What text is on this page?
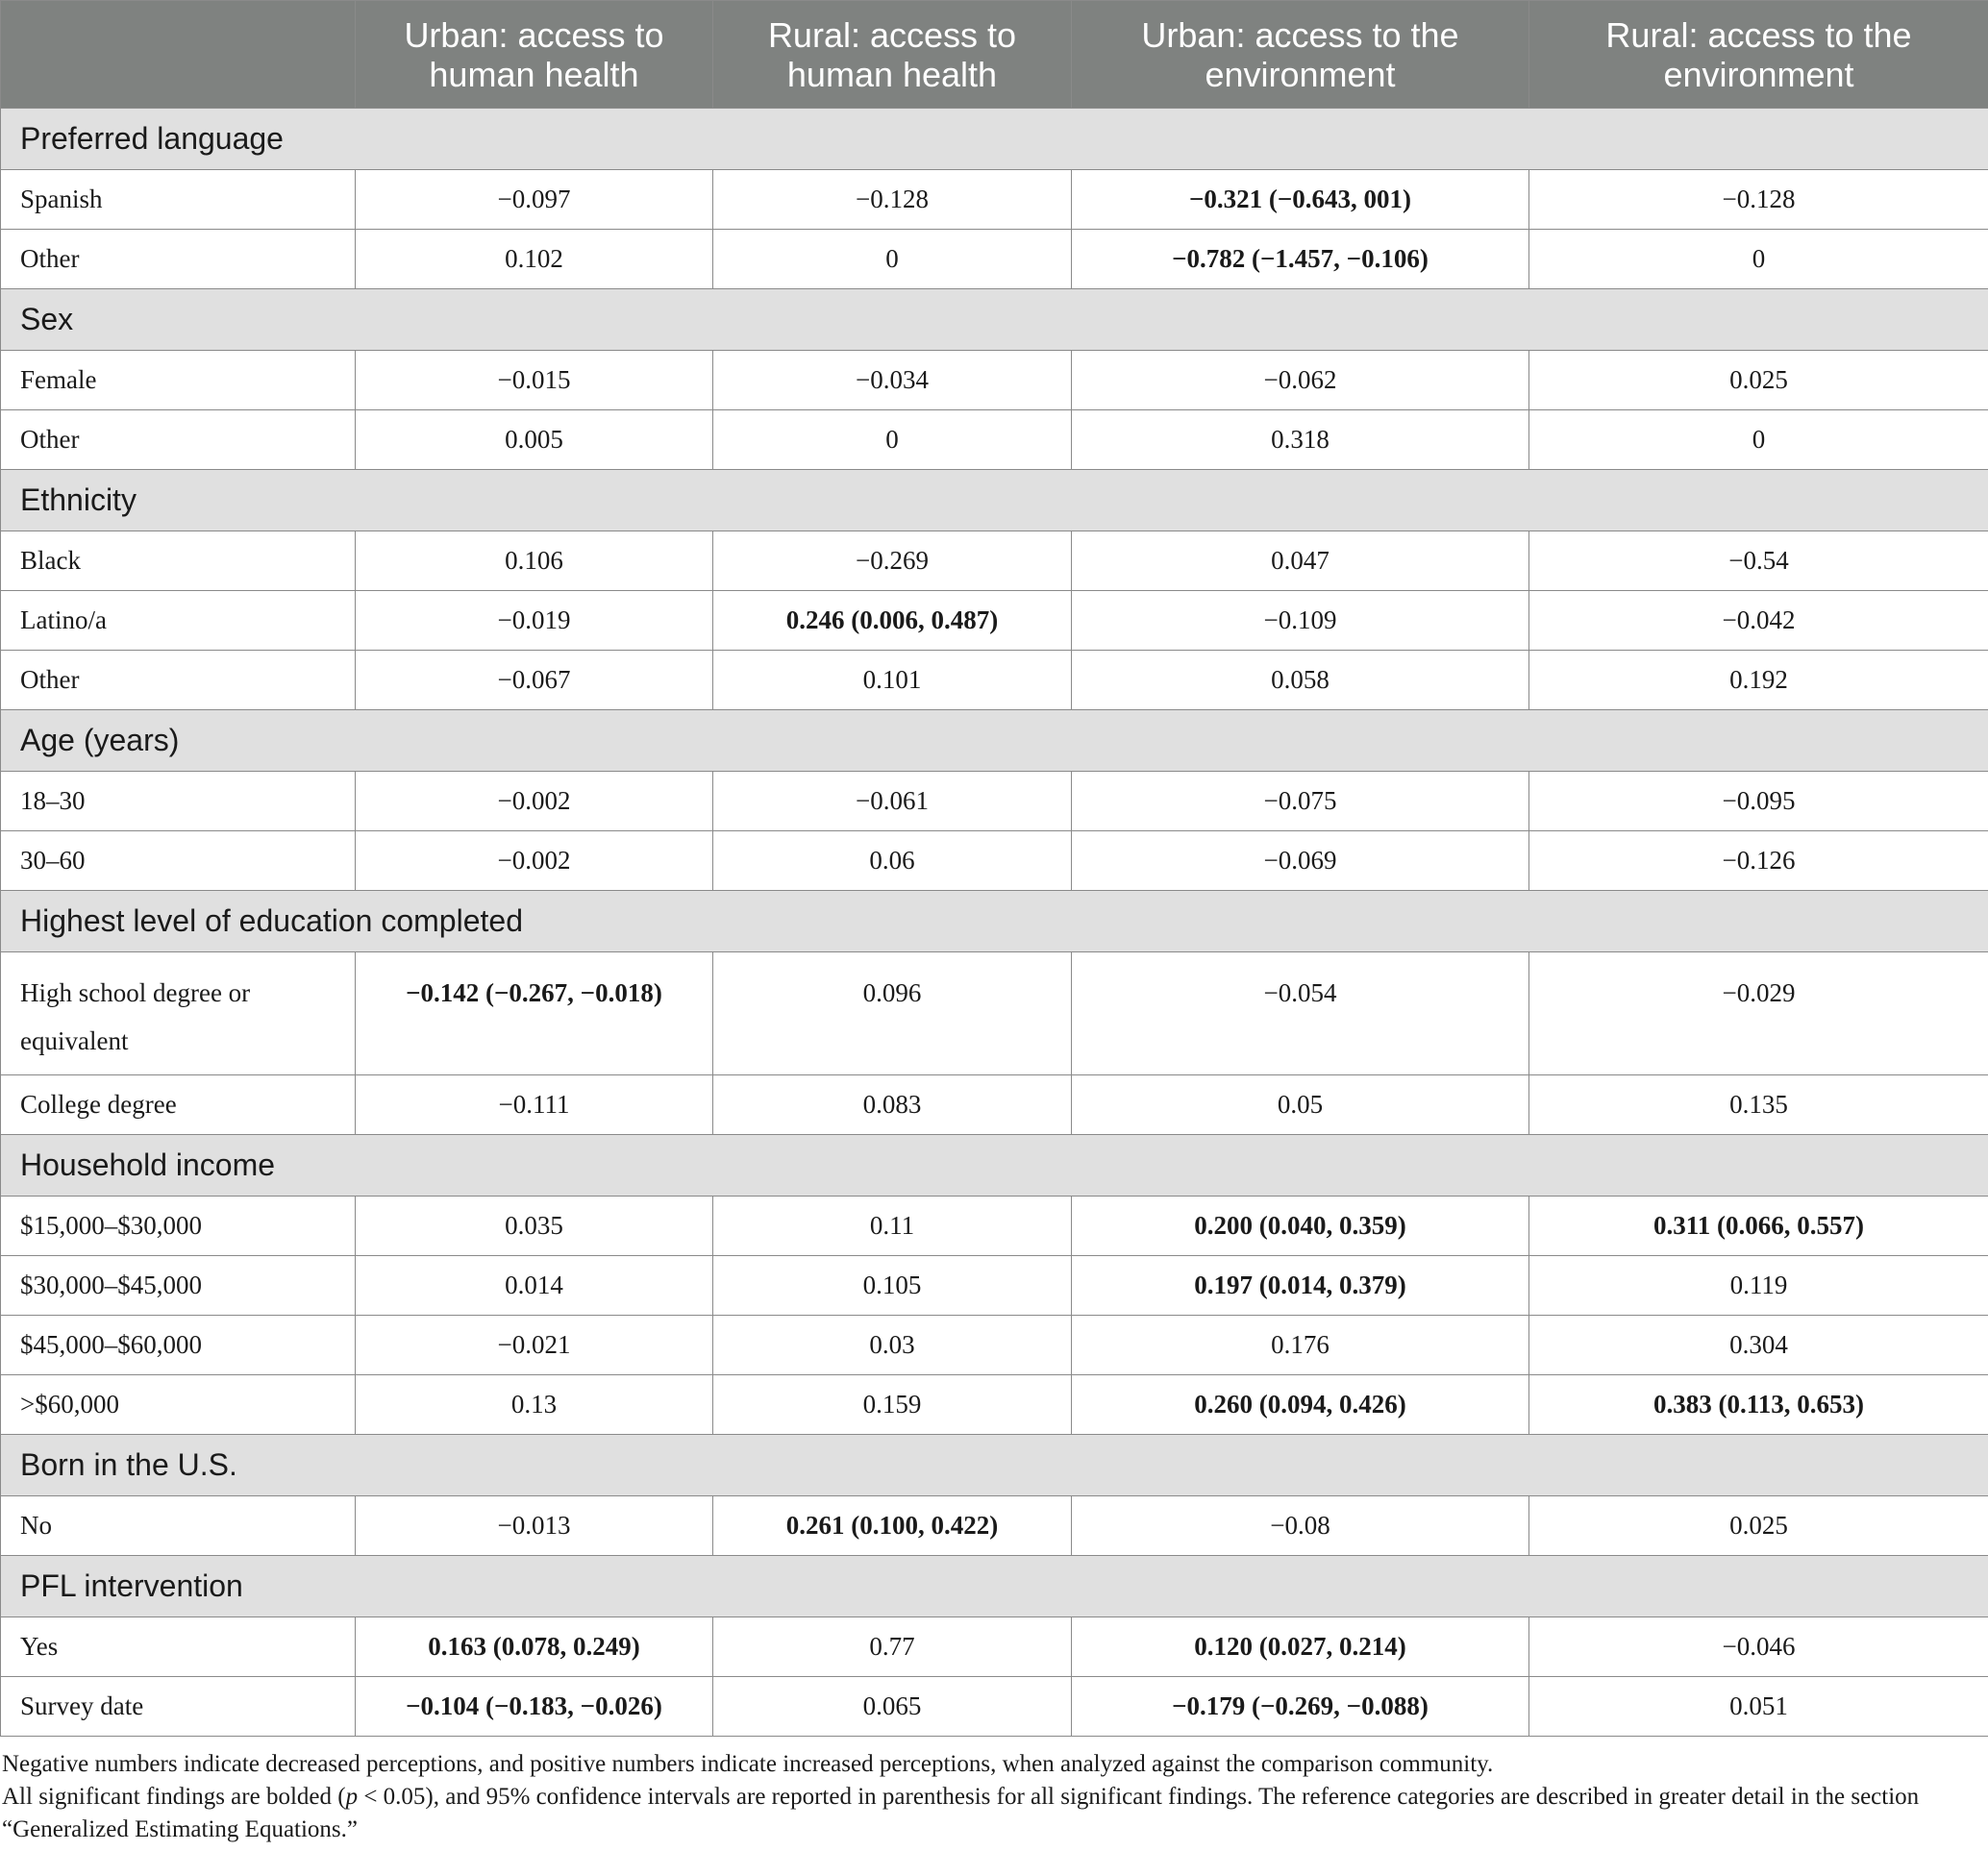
	Urban: access to human health	Rural: access to human health	Urban: access to the environment	Rural: access to the environment
Preferred language				
Spanish	−0.097	−0.128	−0.321 (−0.643, 001)	−0.128
Other	0.102	0	−0.782 (−1.457, −0.106)	0
Sex				
Female	−0.015	−0.034	−0.062	0.025
Other	0.005	0	0.318	0
Ethnicity				
Black	0.106	−0.269	0.047	−0.54
Latino/a	−0.019	0.246 (0.006, 0.487)	−0.109	−0.042
Other	−0.067	0.101	0.058	0.192
Age (years)				
18–30	−0.002	−0.061	−0.075	−0.095
30–60	−0.002	0.06	−0.069	−0.126
Highest level of education completed				
High school degree or equivalent	−0.142 (−0.267, −0.018)	0.096	−0.054	−0.029
College degree	−0.111	0.083	0.05	0.135
Household income				
$15,000–$30,000	0.035	0.11	0.200 (0.040, 0.359)	0.311 (0.066, 0.557)
$30,000–$45,000	0.014	0.105	0.197 (0.014, 0.379)	0.119
$45,000–$60,000	−0.021	0.03	0.176	0.304
>$60,000	0.13	0.159	0.260 (0.094, 0.426)	0.383 (0.113, 0.653)
Born in the U.S.				
No	−0.013	0.261 (0.100, 0.422)	−0.08	0.025
PFL intervention				
Yes	0.163 (0.078, 0.249)	0.77	0.120 (0.027, 0.214)	−0.046
Survey date	−0.104 (−0.183, −0.026)	0.065	−0.179 (−0.269, −0.088)	0.051

Negative numbers indicate decreased perceptions, and positive numbers indicate increased perceptions, when analyzed against the comparison community.

All significant findings are bolded (p < 0.05), and 95% confidence intervals are reported in parenthesis for all significant findings. The reference categories are described in greater detail in the section “Generalized Estimating Equations.”
